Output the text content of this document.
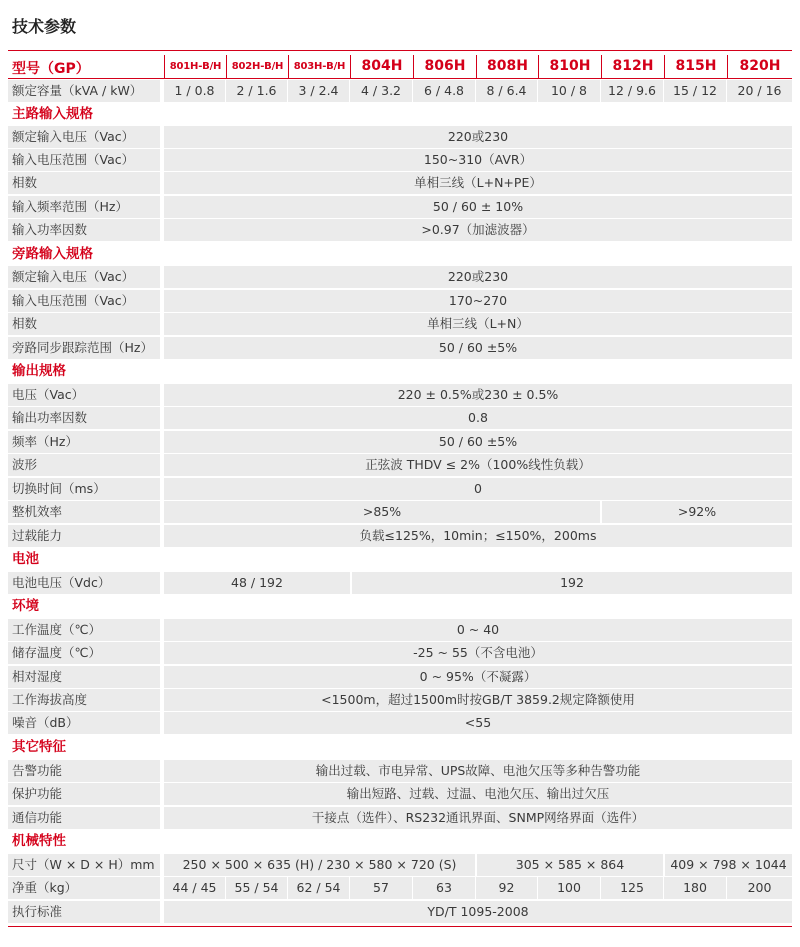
技术参数
型号（GP）	801H-B/H	802H-B/H	803H-B/H	804H	806H	808H	810H	812H	815H	820H
额定容量（kVA / kW）	1 / 0.8	2 / 1.6	3 / 2.4	4 / 3.2	6 / 4.8	8 / 6.4	10 / 8	12 / 9.6	15 / 12	20 / 16
主路输入规格
额定输入电压（Vac）	220或230
输入电压范围（Vac）	150~310（AVR）
相数	单相三线（L+N+PE）
输入频率范围（Hz）	50 / 60 ± 10%
输入功率因数	>0.97（加滤波器）
旁路输入规格
额定输入电压（Vac）	220或230
输入电压范围（Vac）	170~270
相数	单相三线（L+N）
旁路同步跟踪范围（Hz）	50 / 60 ±5%
输出规格
电压（Vac）	220 ± 0.5%或230 ± 0.5%
输出功率因数	0.8
频率（Hz）	50 / 60 ±5%
波形	正弦波 THDV ≤ 2%（100%线性负载）
切换时间（ms）	0
整机效率	>85%	>92%
过载能力	负载≤125%，10min；≤150%，200ms
电池
电池电压（Vdc）	48 / 192	192
环境
工作温度（℃）	0 ~ 40
储存温度（℃）	-25 ~ 55（不含电池）
相对湿度	0 ~ 95%（不凝露）
工作海拔高度	<1500m，超过1500m时按GB/T 3859.2规定降额使用
噪音（dB）	<55
其它特征
告警功能	输出过载、市电异常、UPS故障、电池欠压等多种告警功能
保护功能	输出短路、过载、过温、电池欠压、输出过欠压
通信功能	干接点（选件）、RS232通讯界面、SNMP网络界面（选件）
机械特性
尺寸（W × D × H）mm	250 × 500 × 635 (H) ∕ 230 × 580 × 720 (S)	305 × 585 × 864	409 × 798 × 1044
净重（kg）	44 / 45	55 / 54	62 / 54	57	63	92	100	125	180	200
执行标准	YD/T 1095-2008
